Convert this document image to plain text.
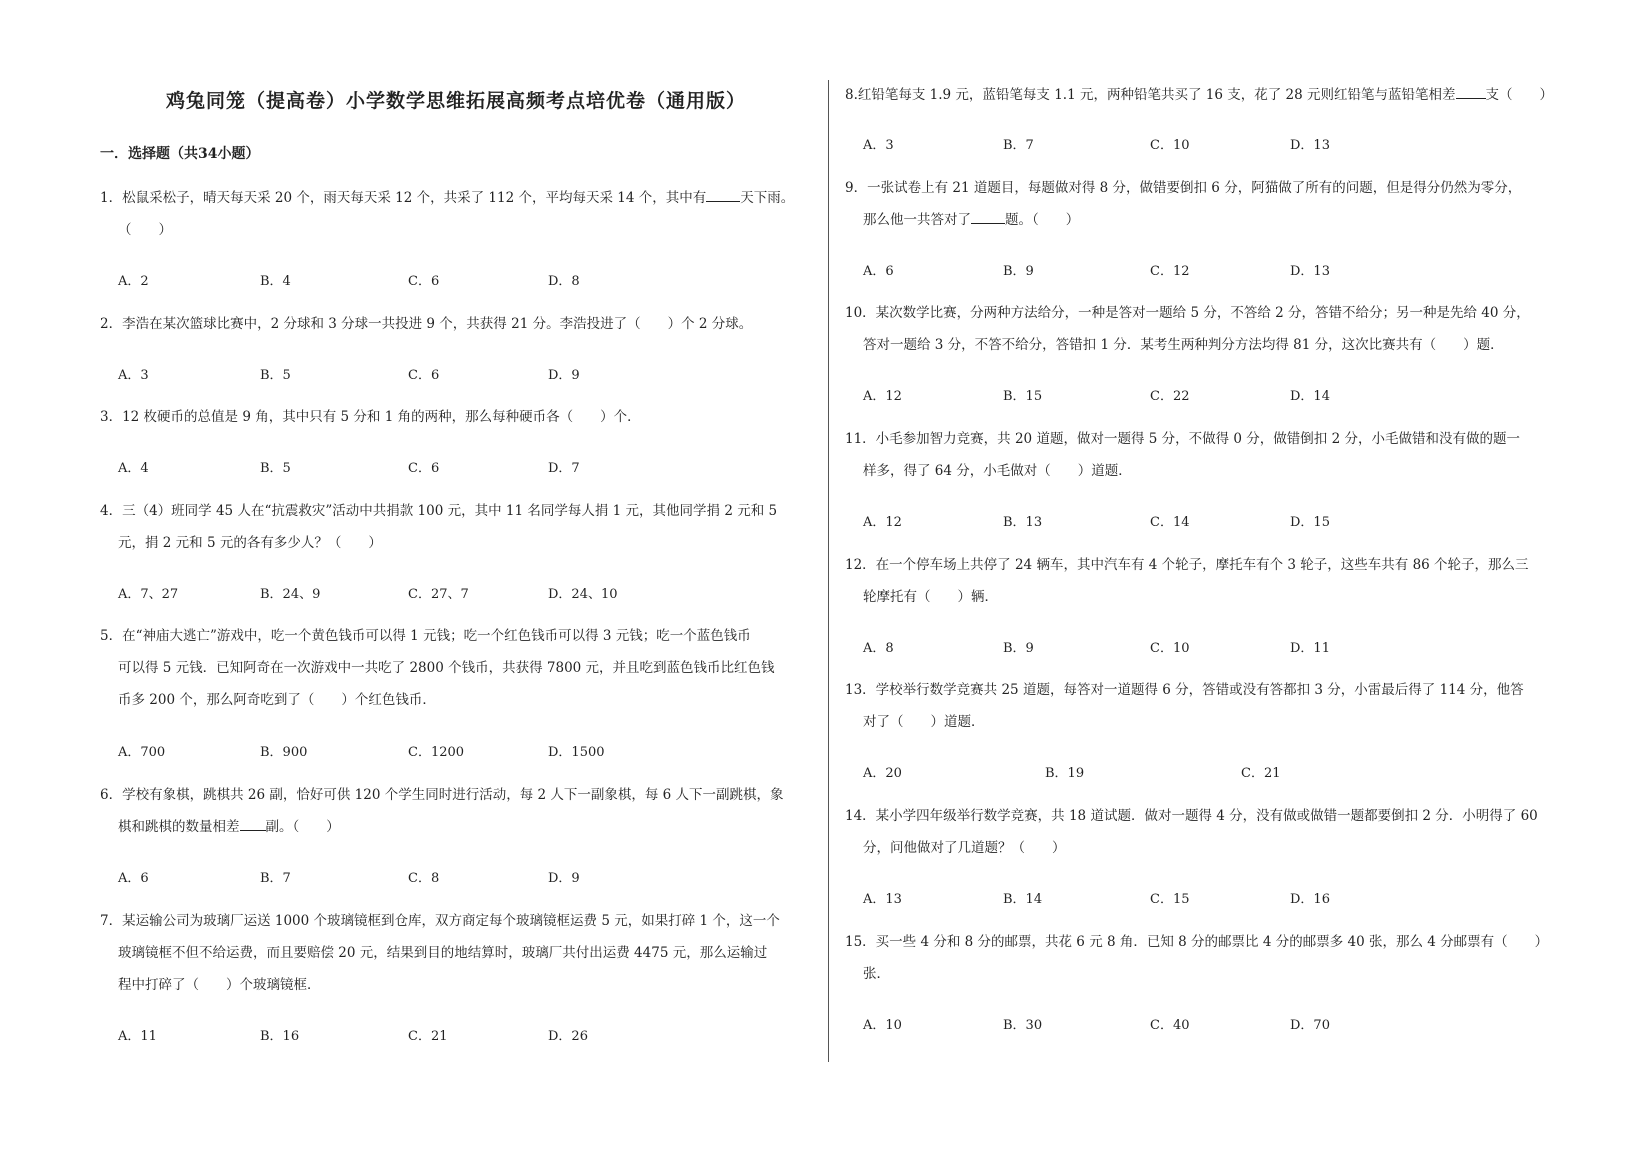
鸡兔同笼（提高卷）小学数学思维拓展高频考点培优卷（通用版）
一．选择题（共34小题）
1．松鼠采松子，晴天每天采 20 个，雨天每天采 12 个，共采了 112 个，平均每天采 14 个，其中有	天下雨。
（　　）
A．2	B．4	C．6	D．8
2．李浩在某次篮球比赛中，2 分球和 3 分球一共投进 9 个，共获得 21 分。李浩投进了（　　）个 2 分球。
A．3	B．5	C．6	D．9
3．12 枚硬币的总值是 9 角，其中只有 5 分和 1 角的两种，那么每种硬币各（　　）个．
A．4	B．5	C．6	D．7
4．三（4）班同学 45 人在“抗震救灾”活动中共捐款 100 元，其中 11 名同学每人捐 1 元，其他同学捐 2 元和 5
元，捐 2 元和 5 元的各有多少人？（　　）
A．7、27	B．24、9	C．27、7	D．24、10
5．在“神庙大逃亡”游戏中，吃一个黄色钱币可以得 1 元钱；吃一个红色钱币可以得 3 元钱；吃一个蓝色钱币
可以得 5 元钱．已知阿奇在一次游戏中一共吃了 2800 个钱币，共获得 7800 元，并且吃到蓝色钱币比红色钱
币多 200 个，那么阿奇吃到了（　　）个红色钱币．
A．700	B．900	C．1200	D．1500
6．学校有象棋，跳棋共 26 副，恰好可供 120 个学生同时进行活动，每 2 人下一副象棋，每 6 人下一副跳棋，象
棋和跳棋的数量相差 副。（　　）
A．6	B．7	C．8	D．9
7．某运输公司为玻璃厂运送 1000 个玻璃镜框到仓库，双方商定每个玻璃镜框运费 5 元，如果打碎 1 个，这一个
玻璃镜框不但不给运费，而且要赔偿 20 元，结果到目的地结算时，玻璃厂共付出运费 4475 元，那么运输过
程中打碎了（　　）个玻璃镜框．
A．11	B．16	C．21	D．26
8.红铅笔每支 1.9 元，蓝铅笔每支 1.1 元，两种铅笔共买了 16 支，花了 28 元则红铅笔与蓝铅笔相差 支（　　）
A．3	B．7	C．10	D．13
9．一张试卷上有 21 道题目，每题做对得 8 分，做错要倒扣 6 分，阿猫做了所有的问题，但是得分仍然为零分，
那么他一共答对了	题。（　　）
A．6	B．9	C．12	D．13
10．某次数学比赛，分两种方法给分，一种是答对一题给 5 分，不答给 2 分，答错不给分；另一种是先给 40 分，
答对一题给 3 分，不答不给分，答错扣 1 分．某考生两种判分方法均得 81 分，这次比赛共有（　　）题．
A．12	B．15	C．22	D．14
11．小毛参加智力竞赛，共 20 道题，做对一题得 5 分，不做得 0 分，做错倒扣 2 分，小毛做错和没有做的题一
样多，得了 64 分，小毛做对（　　）道题．
A．12	B．13	C．14	D．15
12．在一个停车场上共停了 24 辆车，其中汽车有 4 个轮子，摩托车有个 3 轮子，这些车共有 86 个轮子，那么三
轮摩托有（　　）辆．
A．8	B．9	C．10	D．11
13．学校举行数学竞赛共 25 道题，每答对一道题得 6 分，答错或没有答都扣 3 分，小雷最后得了 114 分，他答
对了（　　）道题．
A．20	B．19	C．21
14．某小学四年级举行数学竞赛，共 18 道试题．做对一题得 4 分，没有做或做错一题都要倒扣 2 分．小明得了 60
分，问他做对了几道题？（　　）
A．13	B．14	C．15	D．16
15．买一些 4 分和 8 分的邮票，共花 6 元 8 角．已知 8 分的邮票比 4 分的邮票多 40 张，那么 4 分邮票有（　　）
张．
A．10	B．30	C．40	D．70
